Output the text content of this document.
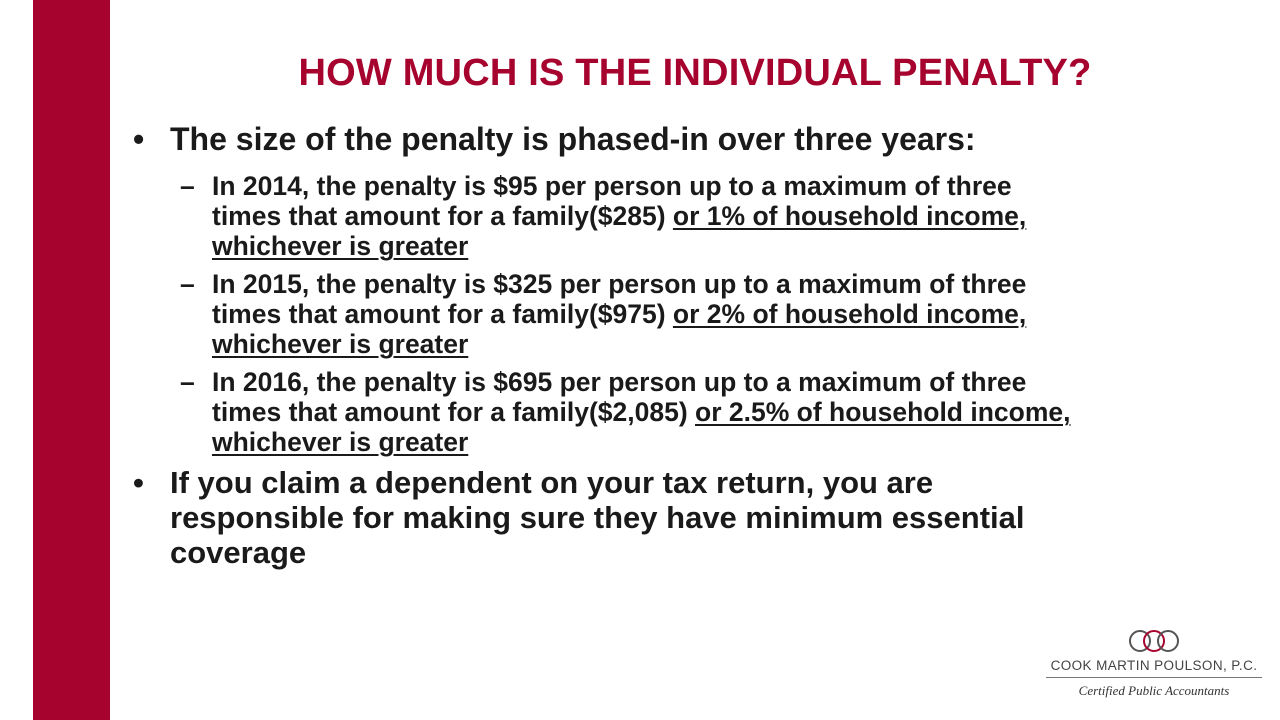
HOW MUCH IS THE INDIVIDUAL PENALTY?
• The size of the penalty is phased-in over three years:
– In 2014, the penalty is $95 per person up to a maximum of three
times that amount for a family($285) or 1% of household income,
whichever is greater
– In 2015, the penalty is $325 per person up to a maximum of three
times that amount for a family($975) or 2% of household income,
whichever is greater
– In 2016, the penalty is $695 per person up to a maximum of three
times that amount for a family($2,085) or 2.5% of household income,
whichever is greater
• If you claim a dependent on your tax return, you are
responsible for making sure they have minimum essential
coverage
COOK MARTIN POULSON, P.C.
Certified Public Accountants
